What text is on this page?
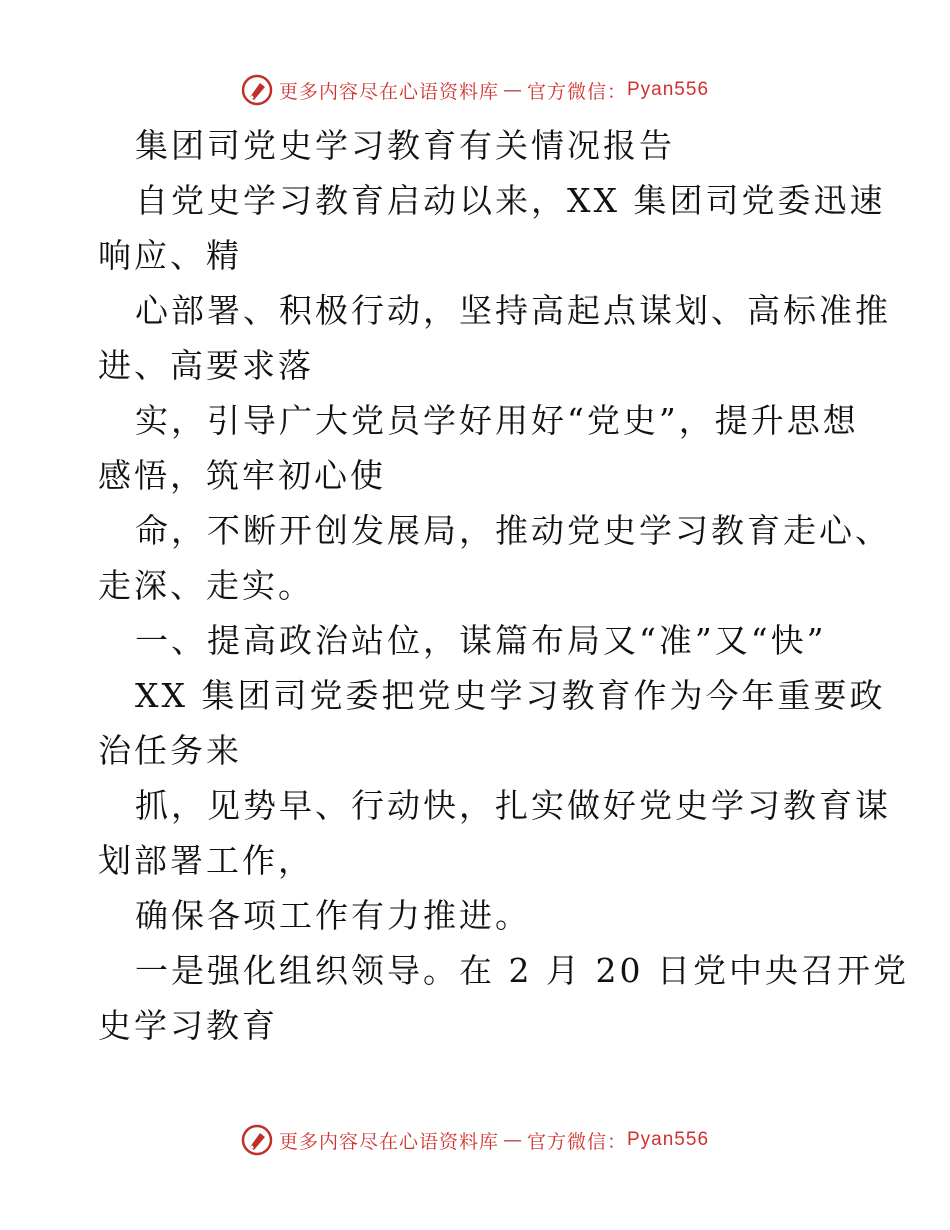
更多内容尽在心语资料库 — 官方微信： Pyan556
集团司党史学习教育有关情况报告
自党史学习教育启动以来，XX 集团司党委迅速
响应、精
心部署、积极行动，坚持高起点谋划、高标准推
进、高要求落
实，引导广大党员学好用好“党史”，提升思想
感悟，筑牢初心使
命，不断开创发展局，推动党史学习教育走心、
走深、走实。
一、提高政治站位，谋篇布局又“准”又“快”
XX 集团司党委把党史学习教育作为今年重要政
治任务来
抓，见势早、行动快，扎实做好党史学习教育谋
划部署工作，
确保各项工作有力推进。
一是强化组织领导。在 2 月 20 日党中央召开党
史学习教育
更多内容尽在心语资料库 — 官方微信： Pyan556
